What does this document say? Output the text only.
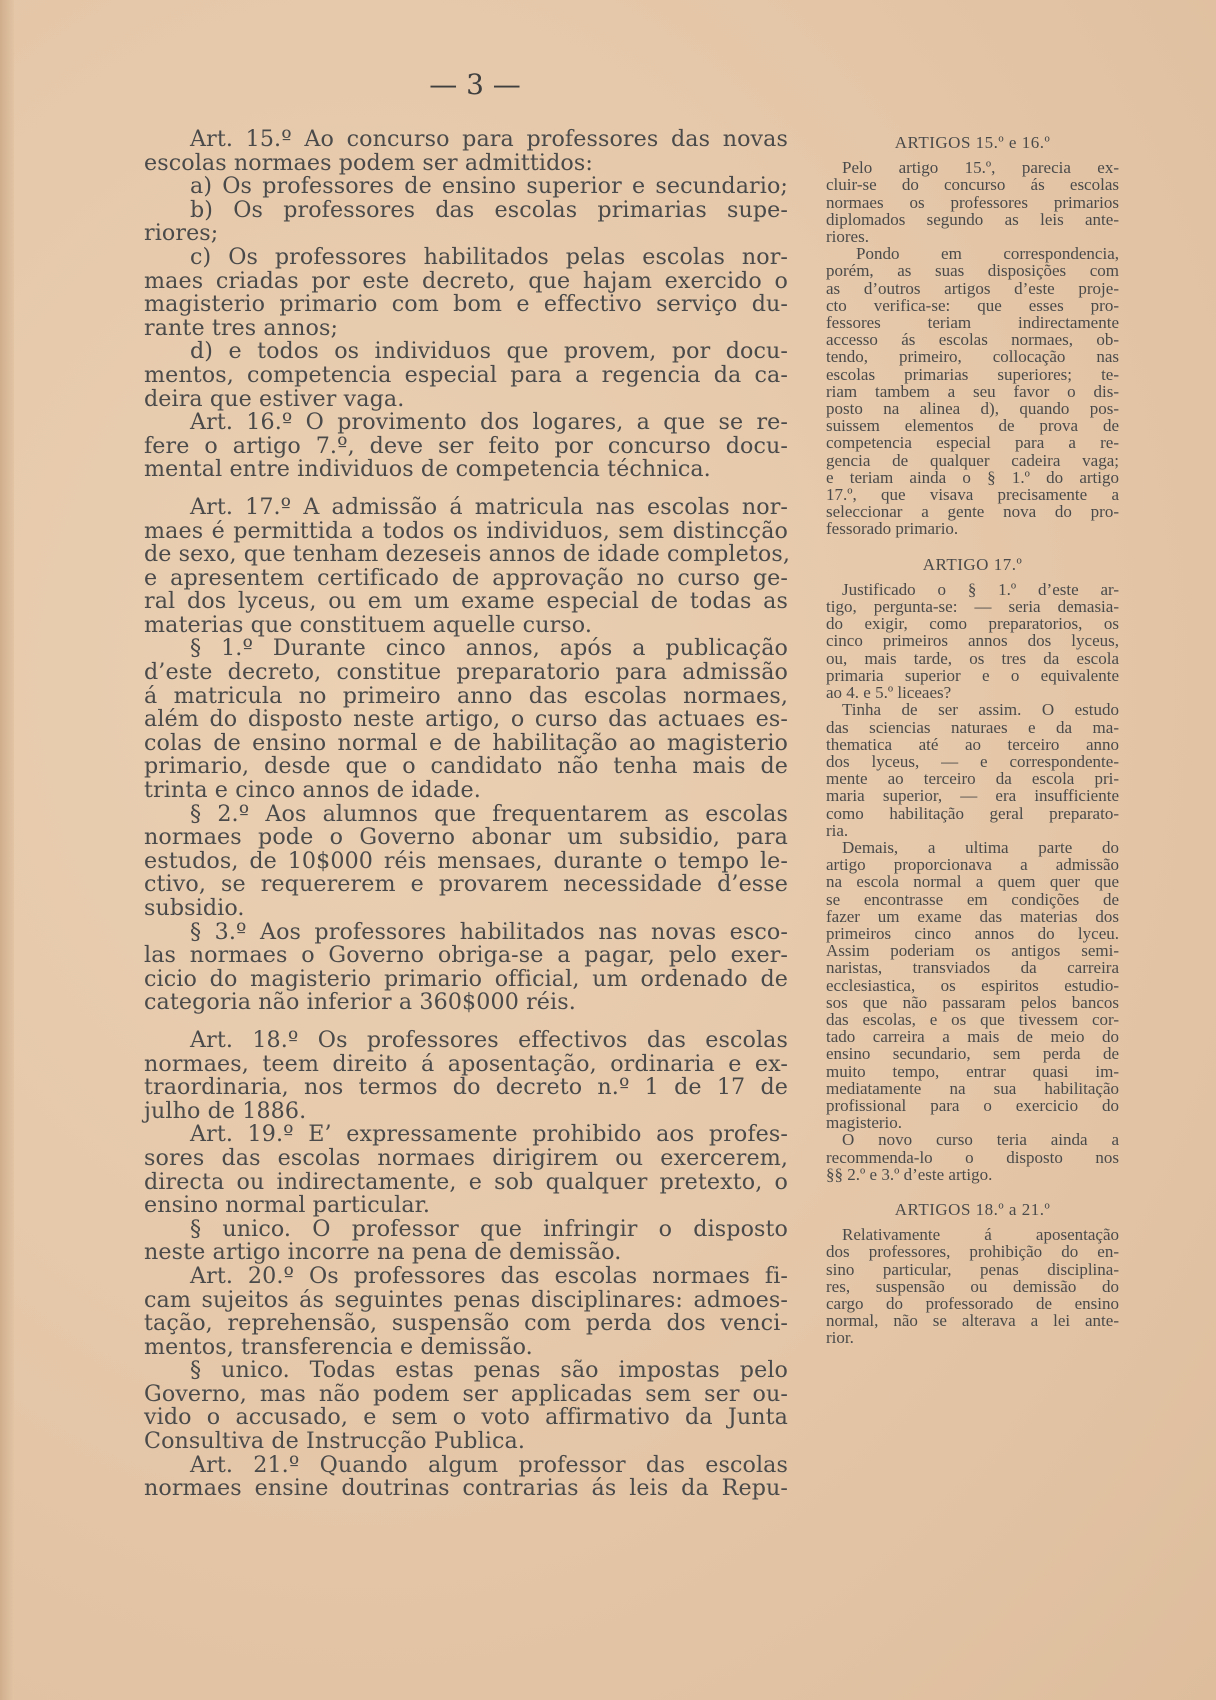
— 3 —
Art. 15.º Ao concurso para professores das novas
escolas normaes podem ser admittidos:
a) Os professores de ensino superior e secundario;
b) Os professores das escolas primarias supe-
riores;
c) Os professores habilitados pelas escolas nor-
maes criadas por este decreto, que hajam exercido o
magisterio primario com bom e effectivo serviço du-
rante tres annos;
d) e todos os individuos que provem, por docu-
mentos, competencia especial para a regencia da ca-
deira que estiver vaga.
Art. 16.º O provimento dos logares, a que se re-
fere o artigo 7.º, deve ser feito por concurso docu-
mental entre individuos de competencia téchnica.
Art. 17.º A admissão á matricula nas escolas nor-
maes é permittida a todos os individuos, sem distincção
de sexo, que tenham dezeseis annos de idade completos,
e apresentem certificado de approvação no curso ge-
ral dos lyceus, ou em um exame especial de todas as
materias que constituem aquelle curso.
§ 1.º Durante cinco annos, após a publicação
d’este decreto, constitue preparatorio para admissão
á matricula no primeiro anno das escolas normaes,
além do disposto neste artigo, o curso das actuaes es-
colas de ensino normal e de habilitação ao magisterio
primario, desde que o candidato não tenha mais de
trinta e cinco annos de idade.
§ 2.º Aos alumnos que frequentarem as escolas
normaes pode o Governo abonar um subsidio, para
estudos, de 10$000 réis mensaes, durante o tempo le-
ctivo, se requererem e provarem necessidade d’esse
subsidio.
§ 3.º Aos professores habilitados nas novas esco-
las normaes o Governo obriga-se a pagar, pelo exer-
cicio do magisterio primario official, um ordenado de
categoria não inferior a 360$000 réis.
Art. 18.º Os professores effectivos das escolas
normaes, teem direito á aposentação, ordinaria e ex-
traordinaria, nos termos do decreto n.º 1 de 17 de
julho de 1886.
Art. 19.º E’ expressamente prohibido aos profes-
sores das escolas normaes dirigirem ou exercerem,
directa ou indirectamente, e sob qualquer pretexto, o
ensino normal particular.
§ unico. O professor que infringir o disposto
neste artigo incorre na pena de demissão.
Art. 20.º Os professores das escolas normaes fi-
cam sujeitos ás seguintes penas disciplinares: admoes-
tação, reprehensão, suspensão com perda dos venci-
mentos, transferencia e demissão.
§ unico. Todas estas penas são impostas pelo
Governo, mas não podem ser applicadas sem ser ou-
vido o accusado, e sem o voto affirmativo da Junta
Consultiva de Instrucção Publica.
Art. 21.º Quando algum professor das escolas
normaes ensine doutrinas contrarias ás leis da Repu-
ARTIGOS 15.º e 16.º
Pelo artigo 15.º, parecia ex-
cluir-se do concurso ás escolas
normaes os professores primarios
diplomados segundo as leis ante-
riores.
Pondo em correspondencia,
porém, as suas disposições com
as d’outros artigos d’este proje-
cto verifica-se: que esses pro-
fessores teriam indirectamente
accesso ás escolas normaes, ob-
tendo, primeiro, collocação nas
escolas primarias superiores; te-
riam tambem a seu favor o dis-
posto na alinea d), quando pos-
suissem elementos de prova de
competencia especial para a re-
gencia de qualquer cadeira vaga;
e teriam ainda o § 1.º do artigo
17.º, que visava precisamente a
seleccionar a gente nova do pro-
fessorado primario.
ARTIGO 17.º
Justificado o § 1.º d’este ar-
tigo, pergunta-se: — seria demasia-
do exigir, como preparatorios, os
cinco primeiros annos dos lyceus,
ou, mais tarde, os tres da escola
primaria superior e o equivalente
ao 4. e 5.º liceaes?
Tinha de ser assim. O estudo
das sciencias naturaes e da ma-
thematica até ao terceiro anno
dos lyceus, — e correspondente-
mente ao terceiro da escola pri-
maria superior, — era insufficiente
como habilitação geral preparato-
ria.
Demais, a ultima parte do
artigo proporcionava a admissão
na escola normal a quem quer que
se encontrasse em condições de
fazer um exame das materias dos
primeiros cinco annos do lyceu.
Assim poderiam os antigos semi-
naristas, transviados da carreira
ecclesiastica, os espiritos estudio-
sos que não passaram pelos bancos
das escolas, e os que tivessem cor-
tado carreira a mais de meio do
ensino secundario, sem perda de
muito tempo, entrar quasi im-
mediatamente na sua habilitação
profissional para o exercicio do
magisterio.
O novo curso teria ainda a
recommenda-lo o disposto nos
§§ 2.º e 3.º d’este artigo.
ARTIGOS 18.º a 21.º
Relativamente á aposentação
dos professores, prohibição do en-
sino particular, penas disciplina-
res, suspensão ou demissão do
cargo do professorado de ensino
normal, não se alterava a lei ante-
rior.
